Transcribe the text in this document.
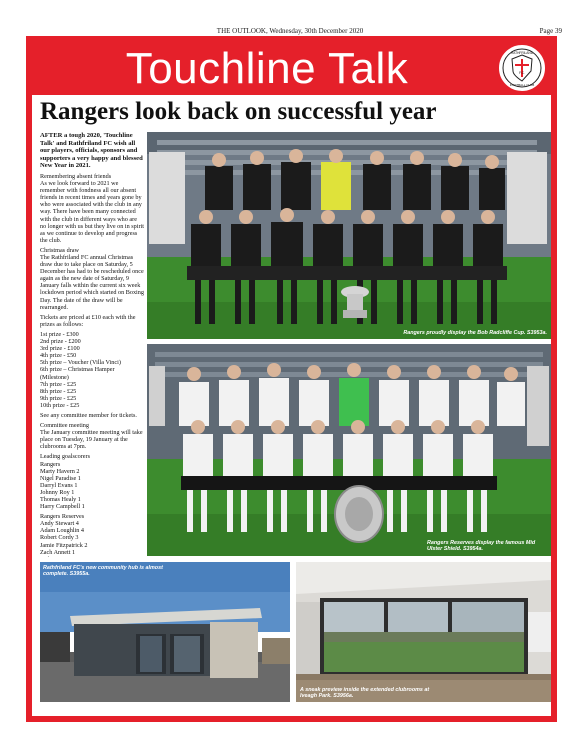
THE OUTLOOK, Wednesday, 30th December 2020	Page 39
Touchline Talk	RATHFRILAND
F.C.
FOOTBALL CLUB
Rangers look back on successful year

AFTER a tough 2020, 'Touchline Talk' and Rathfriland FC wish all our players, officials, sponsors and supporters a very happy and blessed New Year in 2021.

Remembering absent friends
As we look forward to 2021 we remember with fondness all our absent friends in recent times and years gone by who were associated with the club in any way. There have been many connected with the club in different ways who are no longer with us but they live on in spirit as we continue to develop and progress the club.

Christmas draw
The Rathfriland FC annual Christmas draw due to take place on Saturday, 5 December has had to be rescheduled once again as the new date of Saturday, 9 January falls within the current six week lockdown period which started on Boxing Day. The date of the draw will be rearranged.

Tickets are priced at £10 each with the prizes as follows:

1st prize - £300
2nd prize - £200
3rd prize - £100
4th prize - £50
5th prize – Voucher (Villa Vinci)
6th prize – Christmas Hamper (Milestone)
7th prize - £25
8th prize - £25
9th prize - £25
10th prize - £25

See any committee member for tickets.

Committee meeting
The January committee meeting will take place on Tuesday, 19 January at the clubrooms at 7pm.

Leading goalscorers
Rangers
Marty Havern 2
Nigel Paradise 1
Darryl Evans 1
Johnny Roy 1
Thomas Healy 1
Harry Campbell 1

Rangers Reserves
Andy Stewart 4
Adam Loughlin 4
Robert Cordy 3
Jamie Fitzpatrick 2
Zach Annett 1

Rangers proudly display the Bob Radcliffe Cup. S3953a.
Rangers Reserves display the famous Mid Ulster Shield. S3954a.
Rathfriland FC's new community hub is almost complete. S3955a.
A sneak preview inside the extended clubrooms at Iveagh Park. S3956a.
